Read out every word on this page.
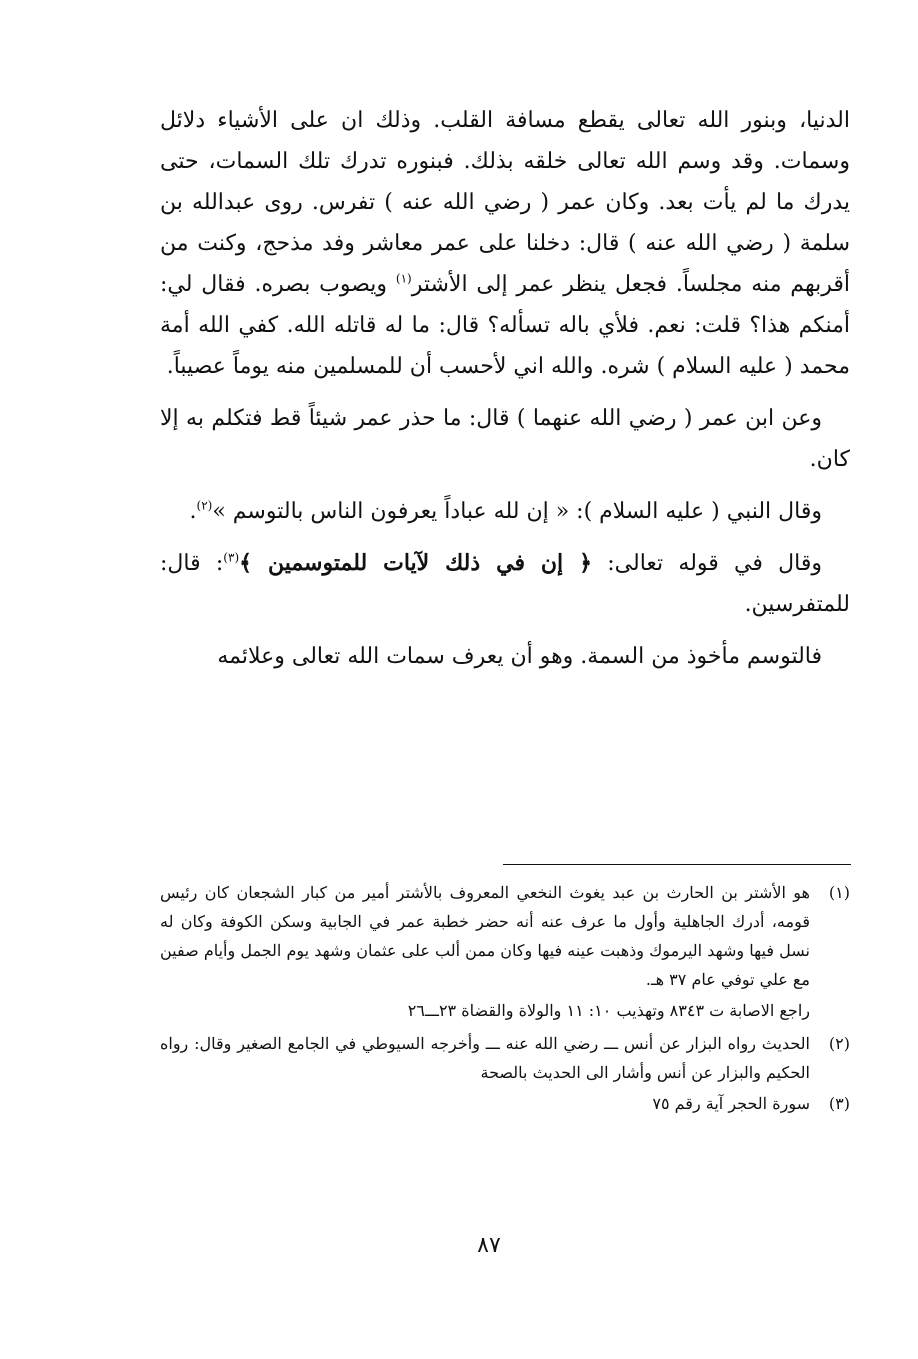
الدنيا، وبنور الله تعالى يقطع مسافة القلب. وذلك ان على الأشياء دلائل وسمات. وقد وسم الله تعالى خلقه بذلك. فبنوره تدرك تلك السمات، حتى يدرك ما لم يأت بعد. وكان عمر ( رضي الله عنه ) تفرس. روى عبدالله بن سلمة ( رضي الله عنه ) قال: دخلنا على عمر معاشر وفد مذحج، وكنت من أقربهم منه مجلساً. فجعل ينظر عمر إلى الأشتر$^{(١)}$ ويصوب بصره. فقال لي: أمنكم هذا؟ قلت: نعم. فلأي باله تسأله؟ قال: ما له قاتله الله. كفي الله أمة محمد ( عليه السلام ) شره. والله اني لأحسب أن للمسلمين منه يوماً عصيباً.

وعن ابن عمر ( رضي الله عنهما ) قال: ما حذر عمر شيئاً قط فتكلم به إلا كان.

وقال النبي ( عليه السلام ): « إن لله عباداً يعرفون الناس بالتوسم »$^{(٢)}$.

وقال في قوله تعالى: ﴿ إن في ذلك لآيات للمتوسمين ﴾$^{(٣)}$: قال: للمتفرسين.

فالتوسم مأخوذ من السمة. وهو أن يعرف سمات الله تعالى وعلائمه

(١)
هو الأشتر بن الحارث بن عبد يغوث النخعي المعروف بالأشتر أمير من كبار الشجعان كان رئيس قومه، أدرك الجاهلية وأول ما عرف عنه أنه حضر خطبة عمر في الجابية وسكن الكوفة وكان له نسل فيها وشهد اليرموك وذهبت عينه فيها وكان ممن ألب على عثمان وشهد يوم الجمل وأيام صفين مع علي توفي عام ٣٧ هـ.
راجع الاصابة ت ٨٣٤٣ وتهذيب ١٠: ١١ والولاة والقضاة ٢٣ـــ٢٦
(٢)
الحديث رواه البزار عن أنس ـــ رضي الله عنه ـــ وأخرجه السيوطي في الجامع الصغير وقال: رواه الحكيم والبزار عن أنس وأشار الى الحديث بالصحة
(٣)
سورة الحجر آية رقم ٧٥
٨٧
